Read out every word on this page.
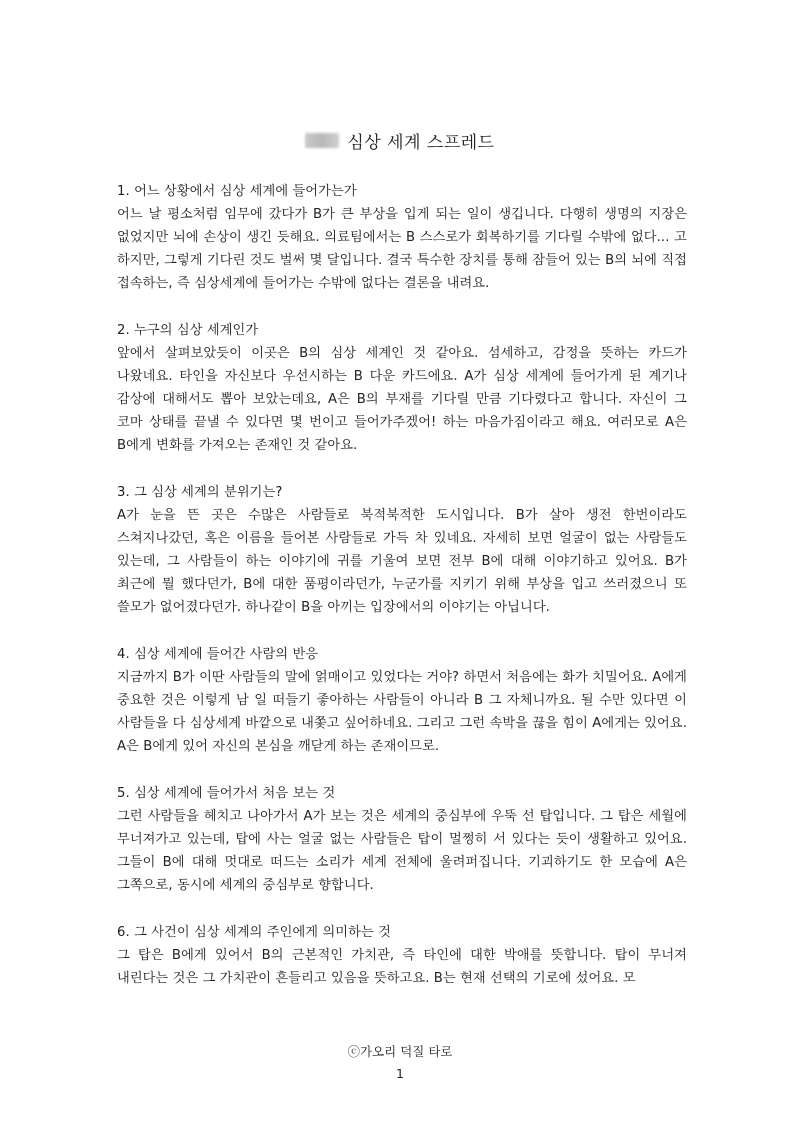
심상 세계 스프레드

1. 어느 상황에서 심상 세계에 들어가는가

어느 날 평소처럼 임무에 갔다가 B가 큰 부상을 입게 되는 일이 생깁니다. 다행히 생명의 지장은 없었지만 뇌에 손상이 생긴 듯해요. 의료팀에서는 B 스스로가 회복하기를 기다릴 수밖에 없다... 고 하지만, 그렇게 기다린 것도 벌써 몇 달입니다. 결국 특수한 장치를 통해 잠들어 있는 B의 뇌에 직접 접속하는, 즉 심상세계에 들어가는 수밖에 없다는 결론을 내려요.

2. 누구의 심상 세계인가

앞에서 살펴보았듯이 이곳은 B의 심상 세계인 것 같아요. 섬세하고, 감정을 뜻하는 카드가 나왔네요. 타인을 자신보다 우선시하는 B 다운 카드에요. A가 심상 세계에 들어가게 된 계기나 감상에 대해서도 뽑아 보았는데요, A은 B의 부재를 기다릴 만큼 기다렸다고 합니다. 자신이 그 코마 상태를 끝낼 수 있다면 몇 번이고 들어가주겠어! 하는 마음가짐이라고 해요. 여러모로 A은 B에게 변화를 가져오는 존재인 것 같아요.

3. 그 심상 세계의 분위기는?

A가 눈을 뜬 곳은 수많은 사람들로 북적북적한 도시입니다. B가 살아 생전 한번이라도 스쳐지나갔던, 혹은 이름을 들어본 사람들로 가득 차 있네요. 자세히 보면 얼굴이 없는 사람들도 있는데, 그 사람들이 하는 이야기에 귀를 기울여 보면 전부 B에 대해 이야기하고 있어요. B가 최근에 뭘 했다던가, B에 대한 품평이라던가, 누군가를 지키기 위해 부상을 입고 쓰러졌으니 또 쓸모가 없어졌다던가. 하나같이 B을 아끼는 입장에서의 이야기는 아닙니다.

4. 심상 세계에 들어간 사람의 반응

지금까지 B가 이딴 사람들의 말에 얽매이고 있었다는 거야? 하면서 처음에는 화가 치밀어요. A에게 중요한 것은 이렇게 남 일 떠들기 좋아하는 사람들이 아니라 B 그 자체니까요. 될 수만 있다면 이 사람들을 다 심상세계 바깥으로 내쫓고 싶어하네요. 그리고 그런 속박을 끊을 힘이 A에게는 있어요. A은 B에게 있어 자신의 본심을 깨닫게 하는 존재이므로.

5. 심상 세계에 들어가서 처음 보는 것

그런 사람들을 헤치고 나아가서 A가 보는 것은 세계의 중심부에 우뚝 선 탑입니다. 그 탑은 세월에 무너져가고 있는데, 탑에 사는 얼굴 없는 사람들은 탑이 멀쩡히 서 있다는 듯이 생활하고 있어요. 그들이 B에 대해 멋대로 떠드는 소리가 세계 전체에 울려퍼집니다. 기괴하기도 한 모습에 A은 그쪽으로, 동시에 세계의 중심부로 향합니다.

6. 그 사건이 심상 세계의 주인에게 의미하는 것

그 탑은 B에게 있어서 B의 근본적인 가치관, 즉 타인에 대한 박애를 뜻합니다. 탑이 무너져 내린다는 것은 그 가치관이 흔들리고 있음을 뜻하고요. B는 현재 선택의 기로에 섰어요. 모

ⓒ가오리 덕질 타로
1
